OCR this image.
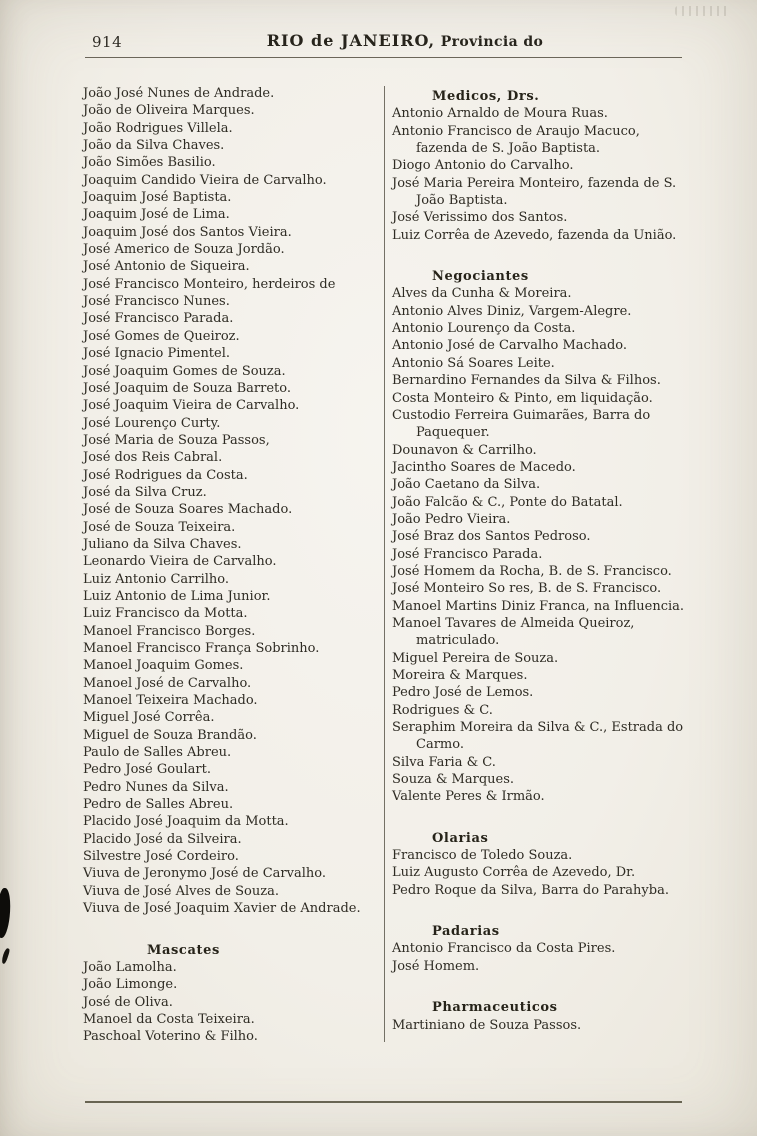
914	RIO de JANEIRO, Provincia do
João José Nunes de Andrade.
João de Oliveira Marques.
João Rodrigues Villela.
João da Silva Chaves.
João Simões Basilio.
Joaquim Candido Vieira de Carvalho.
Joaquim José Baptista.
Joaquim José de Lima.
Joaquim José dos Santos Vieira.
José Americo de Souza Jordão.
José Antonio de Siqueira.
José Francisco Monteiro, herdeiros de
José Francisco Nunes.
José Francisco Parada.
José Gomes de Queiroz.
José Ignacio Pimentel.
José Joaquim Gomes de Souza.
José Joaquim de Souza Barreto.
José Joaquim Vieira de Carvalho.
José Lourenço Curty.
José Maria de Souza Passos,
José dos Reis Cabral.
José Rodrigues da Costa.
José da Silva Cruz.
José de Souza Soares Machado.
José de Souza Teixeira.
Juliano da Silva Chaves.
Leonardo Vieira de Carvalho.
Luiz Antonio Carrilho.
Luiz Antonio de Lima Junior.
Luiz Francisco da Motta.
Manoel Francisco Borges.
Manoel Francisco França Sobrinho.
Manoel Joaquim Gomes.
Manoel José de Carvalho.
Manoel Teixeira Machado.
Miguel José Corrêa.
Miguel de Souza Brandão.
Paulo de Salles Abreu.
Pedro José Goulart.
Pedro Nunes da Silva.
Pedro de Salles Abreu.
Placido José Joaquim da Motta.
Placido José da Silveira.
Silvestre José Cordeiro.
Viuva de Jeronymo José de Carvalho.
Viuva de José Alves de Souza.
Viuva de José Joaquim Xavier de Andrade.
Mascates
João Lamolha.
João Limonge.
José de Oliva.
Manoel da Costa Teixeira.
Paschoal Voterino & Filho.
Medicos, Drs.
Antonio Arnaldo de Moura Ruas.
Antonio Francisco de Araujo Macuco, fazenda de S. João Baptista.
Diogo Antonio do Carvalho.
José Maria Pereira Monteiro, fazenda de S. João Baptista.
José Verissimo dos Santos.
Luiz Corrêa de Azevedo, fazenda da União.
Negociantes
Alves da Cunha & Moreira.
Antonio Alves Diniz, Vargem-Alegre.
Antonio Lourenço da Costa.
Antonio José de Carvalho Machado.
Antonio Sá Soares Leite.
Bernardino Fernandes da Silva & Filhos.
Costa Monteiro & Pinto, em liquidação.
Custodio Ferreira Guimarães, Barra do Paquequer.
Dounavon & Carrilho.
Jacintho Soares de Macedo.
João Caetano da Silva.
João Falcão & C., Ponte do Batatal.
João Pedro Vieira.
José Braz dos Santos Pedroso.
José Francisco Parada.
José Homem da Rocha, B. de S. Francisco.
José Monteiro So res, B. de S. Francisco.
Manoel Martins Diniz Franca, na Influencia.
Manoel Tavares de Almeida Queiroz, matriculado.
Miguel Pereira de Souza.
Moreira & Marques.
Pedro José de Lemos.
Rodrigues & C.
Seraphim Moreira da Silva & C., Estrada do Carmo.
Silva Faria & C.
Souza & Marques.
Valente Peres & Irmão.
Olarias
Francisco de Toledo Souza.
Luiz Augusto Corrêa de Azevedo, Dr.
Pedro Roque da Silva, Barra do Parahyba.
Padarias
Antonio Francisco da Costa Pires.
José Homem.
Pharmaceuticos
Martiniano de Souza Passos.
